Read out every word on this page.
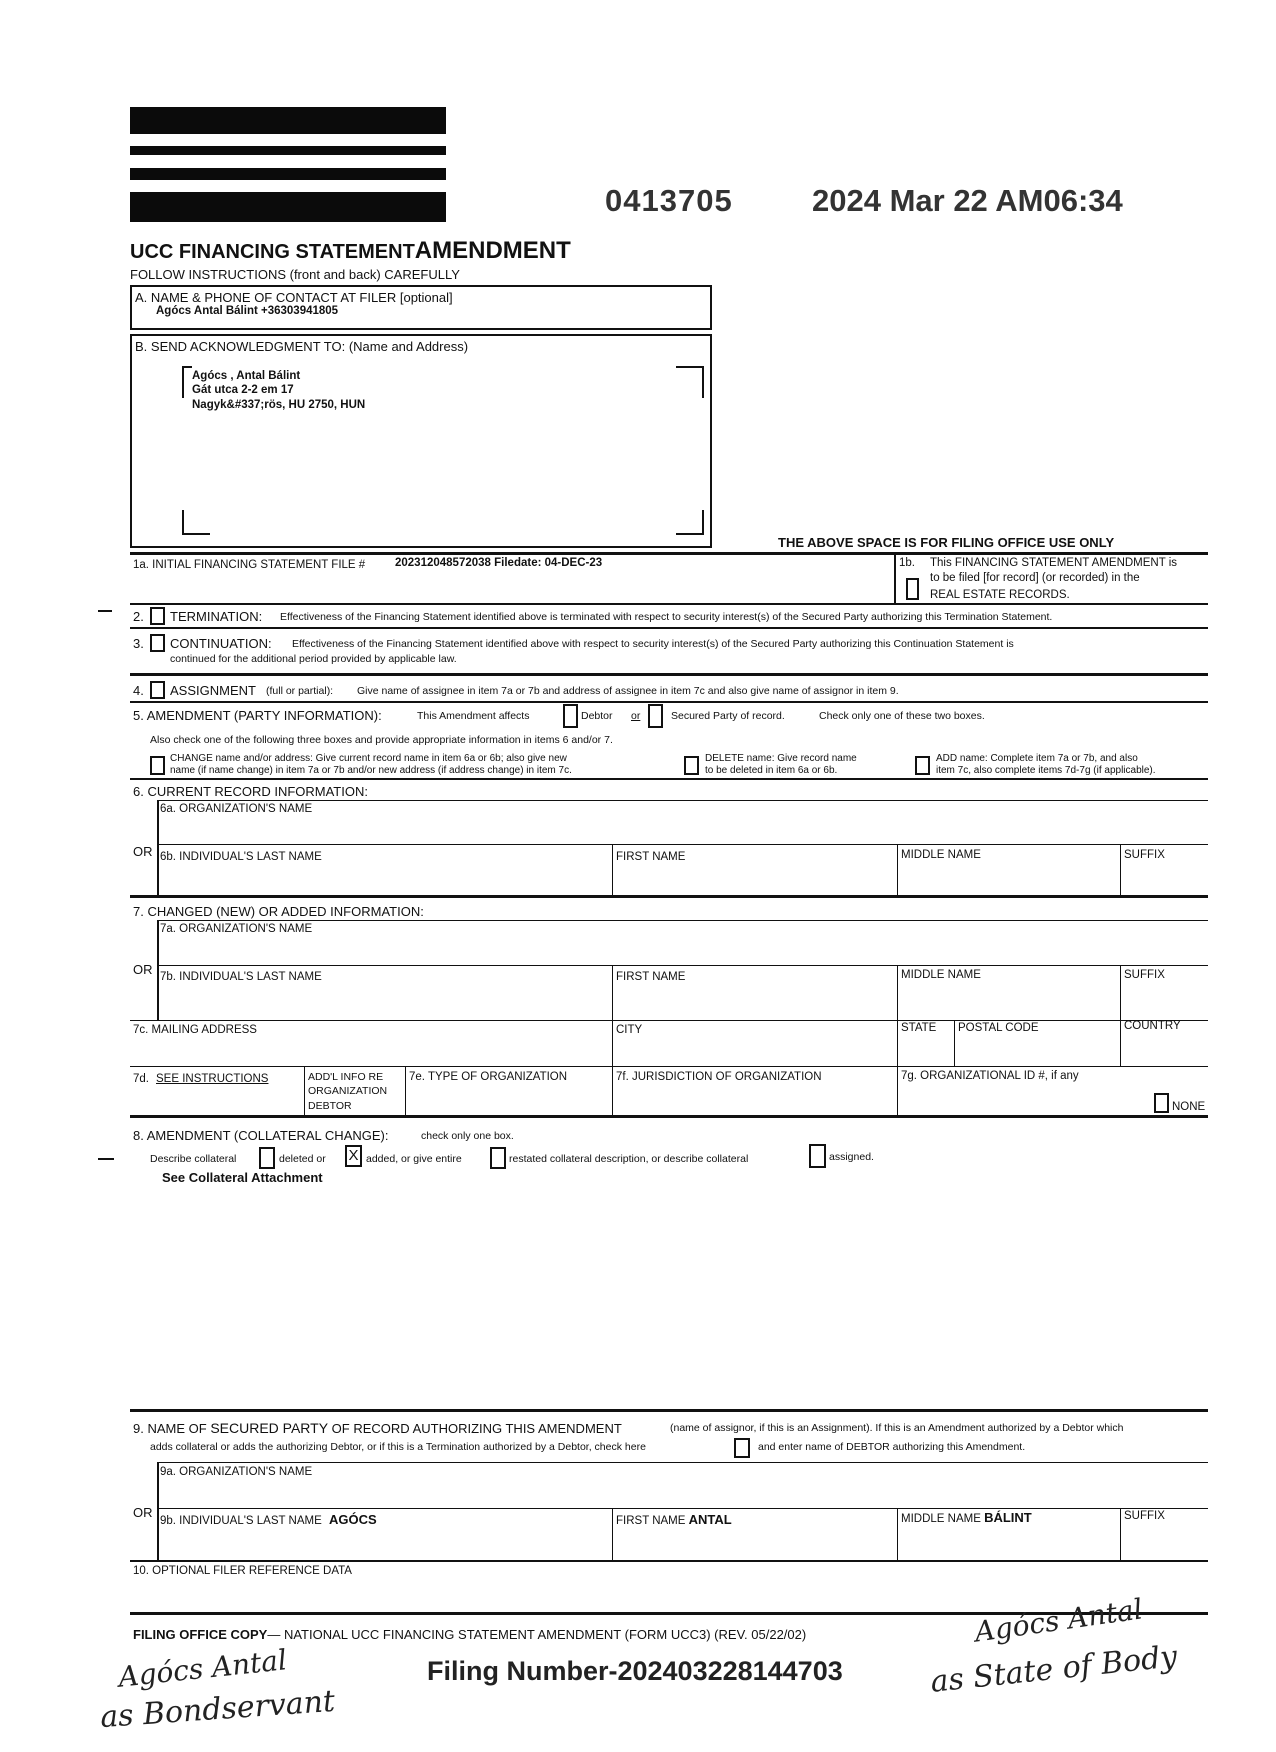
0413705	2024 Mar 22 AM06:34
UCC FINANCING STATEMENTAMENDMENT
FOLLOW INSTRUCTIONS (front and back) CAREFULLY
A. NAME & PHONE OF CONTACT AT FILER [optional]
Agócs Antal Bálint +36303941805
B. SEND ACKNOWLEDGMENT TO: (Name and Address)
Agócs , Antal Bálint
Gát utca 2-2 em 17
Nagyk&#337;rös, HU 2750, HUN
THE ABOVE SPACE IS FOR FILING OFFICE USE ONLY
1a. INITIAL FINANCING STATEMENT FILE #	202312048572038 Filedate: 04-DEC-23	1b. This FINANCING STATEMENT AMENDMENT is
to be filed [for record] (or recorded) in the
REAL ESTATE RECORDS.
2. TERMINATION: Effectiveness of the Financing Statement identified above is terminated with respect to security interest(s) of the Secured Party authorizing this Termination Statement.
3. CONTINUATION: Effectiveness of the Financing Statement identified above with respect to security interest(s) of the Secured Party authorizing this Continuation Statement is
continued for the additional period provided by applicable law.
4. ASSIGNMENT (full or partial): Give name of assignee in item 7a or 7b and address of assignee in item 7c and also give name of assignor in item 9.
5. AMENDMENT (PARTY INFORMATION):	This Amendment affects	Debtor or	Secured Party of record.	Check only one of these two boxes.
Also check one of the following three boxes and provide appropriate information in items 6 and/or 7.
CHANGE name and/or address: Give current record name in item 6a or 6b; also give new
name (if name change) in item 7a or 7b and/or new address (if address change) in item 7c.
DELETE name: Give record name
to be deleted in item 6a or 6b.
ADD name: Complete item 7a or 7b, and also
item 7c, also complete items 7d-7g (if applicable).
6. CURRENT RECORD INFORMATION:
6a. ORGANIZATION'S NAME
OR 6b. INDIVIDUAL'S LAST NAME	FIRST NAME	MIDDLE NAME	SUFFIX
7. CHANGED (NEW) OR ADDED INFORMATION:
7a. ORGANIZATION'S NAME
OR 7b. INDIVIDUAL'S LAST NAME	FIRST NAME	MIDDLE NAME	SUFFIX
7c. MAILING ADDRESS	CITY	STATE POSTAL CODE	COUNTRY
7d. SEE INSTRUCTIONS	ADD'L INFO RE
ORGANIZATION
DEBTOR
7e. TYPE OF ORGANIZATION	7f. JURISDICTION OF ORGANIZATION	7g. ORGANIZATIONAL ID #, if any
NONE
8. AMENDMENT (COLLATERAL CHANGE):	check only one box.
Describe collateral	deleted or X added, or give entire	restated collateral description, or describe collateral	assigned.
See Collateral Attachment
9. NAME OF SECURED PARTY OF RECORD AUTHORIZING THIS AMENDMENT	(name of assignor, if this is an Assignment). If this is an Amendment authorized by a Debtor which
adds collateral or adds the authorizing Debtor, or if this is a Termination authorized by a Debtor, check here	and enter name of DEBTOR authorizing this Amendment.
9a. ORGANIZATION'S NAME
OR
9b. INDIVIDUAL'S LAST NAME AGÓCS	FIRST NAME ANTAL	MIDDLE NAME BÁLINT	SUFFIX
10. OPTIONAL FILER REFERENCE DATA
FILING OFFICE COPY— NATIONAL UCC FINANCING STATEMENT AMENDMENT (FORM UCC3) (REV. 05/22/02)
Filing Number-202403228144703
Agócs Antal
as Bondservant
Agócs Antal
as State of Body
